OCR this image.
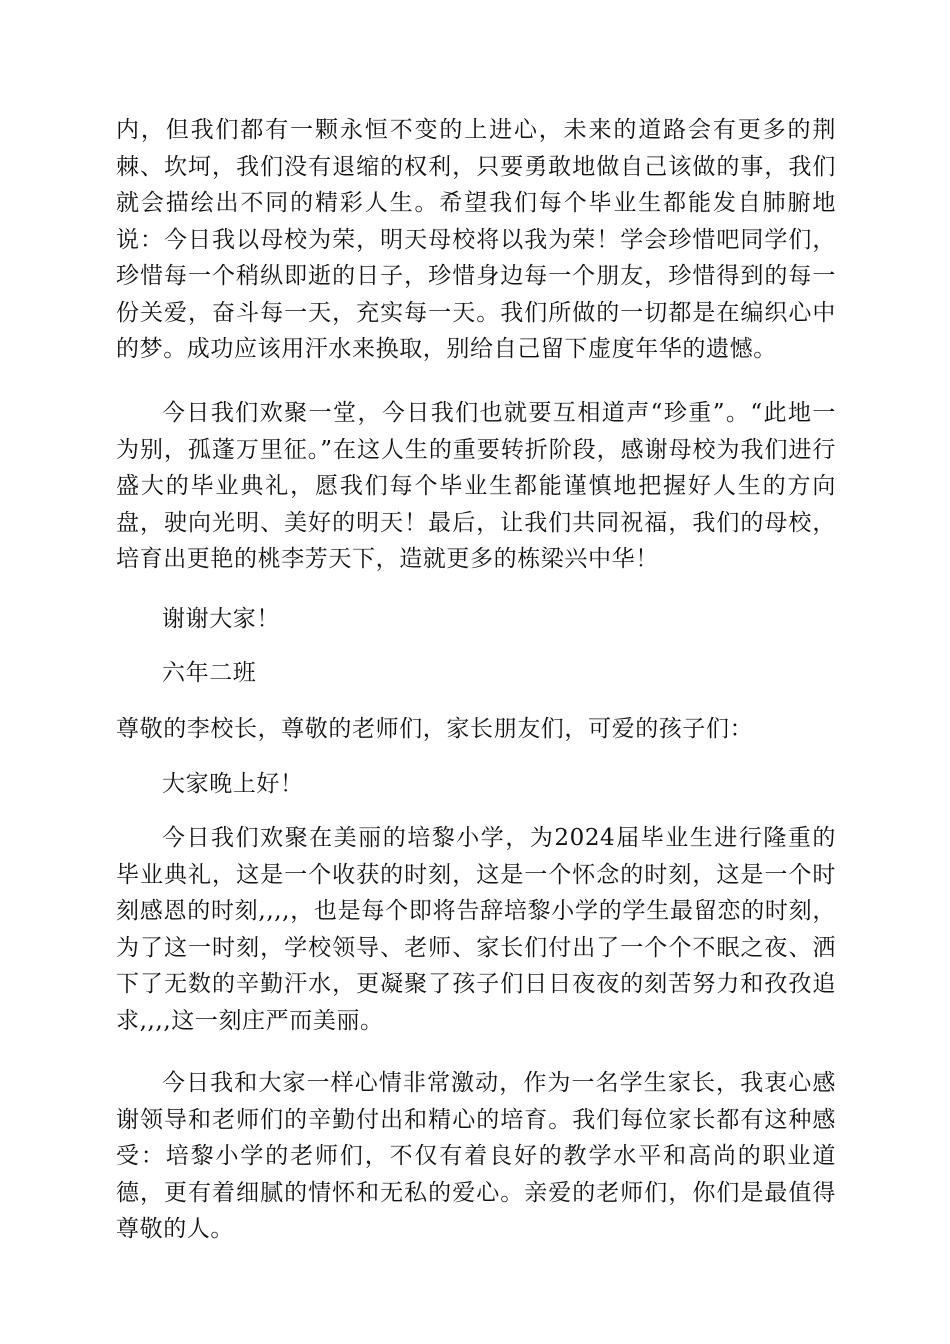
内，但我们都有一颗永恒不变的上进心，未来的道路会有更多的荆棘、坎坷，我们没有退缩的权利，只要勇敢地做自己该做的事，我们就会描绘出不同的精彩人生。希望我们每个毕业生都能发自肺腑地说：今日我以母校为荣，明天母校将以我为荣！学会珍惜吧同学们，珍惜每一个稍纵即逝的日子，珍惜身边每一个朋友，珍惜得到的每一份关爱，奋斗每一天，充实每一天。我们所做的一切都是在编织心中的梦。成功应该用汗水来换取，别给自己留下虚度年华的遗憾。

今日我们欢聚一堂，今日我们也就要互相道声“珍重”。“此地一为别，孤蓬万里征。”在这人生的重要转折阶段，感谢母校为我们进行盛大的毕业典礼，愿我们每个毕业生都能谨慎地把握好人生的方向盘，驶向光明、美好的明天！最后，让我们共同祝福，我们的母校，培育出更艳的桃李芳天下，造就更多的栋梁兴中华！

谢谢大家！

六年二班

尊敬的李校长，尊敬的老师们，家长朋友们，可爱的孩子们：

大家晚上好！

今日我们欢聚在美丽的培黎小学，为2024届毕业生进行隆重的毕业典礼，这是一个收获的时刻，这是一个怀念的时刻，这是一个时刻感恩的时刻,,,,，也是每个即将告辞培黎小学的学生最留恋的时刻，为了这一时刻，学校领导、老师、家长们付出了一个个不眠之夜、洒下了无数的辛勤汗水，更凝聚了孩子们日日夜夜的刻苦努力和孜孜追求,,,,这一刻庄严而美丽。

今日我和大家一样心情非常激动，作为一名学生家长，我衷心感谢领导和老师们的辛勤付出和精心的培育。我们每位家长都有这种感受：培黎小学的老师们，不仅有着良好的教学水平和高尚的职业道德，更有着细腻的情怀和无私的爱心。亲爱的老师们，你们是最值得尊敬的人。
